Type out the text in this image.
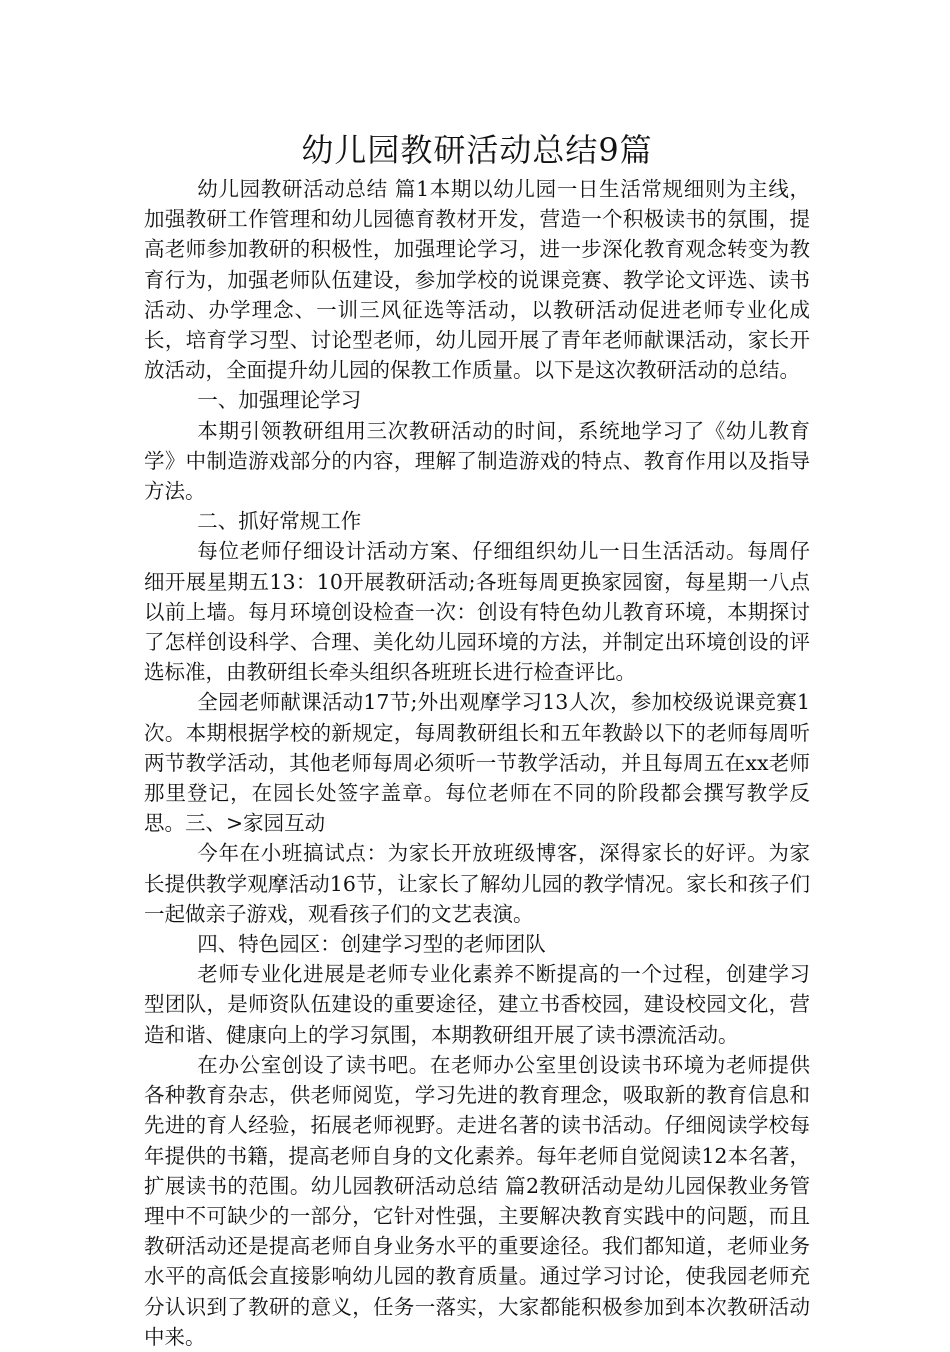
幼儿园教研活动总结9篇

幼儿园教研活动总结 篇1本期以幼儿园一日生活常规细则为主线，加强教研工作管理和幼儿园德育教材开发，营造一个积极读书的氛围，提高老师参加教研的积极性，加强理论学习，进一步深化教育观念转变为教育行为，加强老师队伍建设，参加学校的说课竞赛、教学论文评选、读书活动、办学理念、一训三风征选等活动，以教研活动促进老师专业化成长，培育学习型、讨论型老师，幼儿园开展了青年老师献课活动，家长开放活动，全面提升幼儿园的保教工作质量。以下是这次教研活动的总结。

一、加强理论学习

本期引领教研组用三次教研活动的时间，系统地学习了《幼儿教育学》中制造游戏部分的内容，理解了制造游戏的特点、教育作用以及指导方法。

二、抓好常规工作

每位老师仔细设计活动方案、仔细组织幼儿一日生活活动。每周仔细开展星期五13：10开展教研活动;各班每周更换家园窗，每星期一八点以前上墙。每月环境创设检查一次：创设有特色幼儿教育环境，本期探讨了怎样创设科学、合理、美化幼儿园环境的方法，并制定出环境创设的评选标准，由教研组长牵头组织各班班长进行检查评比。

全园老师献课活动17节;外出观摩学习13人次，参加校级说课竞赛1次。本期根据学校的新规定，每周教研组长和五年教龄以下的老师每周听两节教学活动，其他老师每周必须听一节教学活动，并且每周五在xx老师那里登记，在园长处签字盖章。每位老师在不同的阶段都会撰写教学反思。三、>家园互动

今年在小班搞试点：为家长开放班级博客，深得家长的好评。为家长提供教学观摩活动16节，让家长了解幼儿园的教学情况。家长和孩子们一起做亲子游戏，观看孩子们的文艺表演。

四、特色园区：创建学习型的老师团队

老师专业化进展是老师专业化素养不断提高的一个过程，创建学习型团队，是师资队伍建设的重要途径，建立书香校园，建设校园文化，营造和谐、健康向上的学习氛围，本期教研组开展了读书漂流活动。

在办公室创设了读书吧。在老师办公室里创设读书环境为老师提供各种教育杂志，供老师阅览，学习先进的教育理念，吸取新的教育信息和先进的育人经验，拓展老师视野。走进名著的读书活动。仔细阅读学校每年提供的书籍，提高老师自身的文化素养。每年老师自觉阅读12本名著，扩展读书的范围。幼儿园教研活动总结 篇2教研活动是幼儿园保教业务管理中不可缺少的一部分，它针对性强，主要解决教育实践中的问题，而且教研活动还是提高老师自身业务水平的重要途径。我们都知道，老师业务水平的高低会直接影响幼儿园的教育质量。通过学习讨论，使我园老师充分认识到了教研的意义，任务一落实，大家都能积极参加到本次教研活动中来。
